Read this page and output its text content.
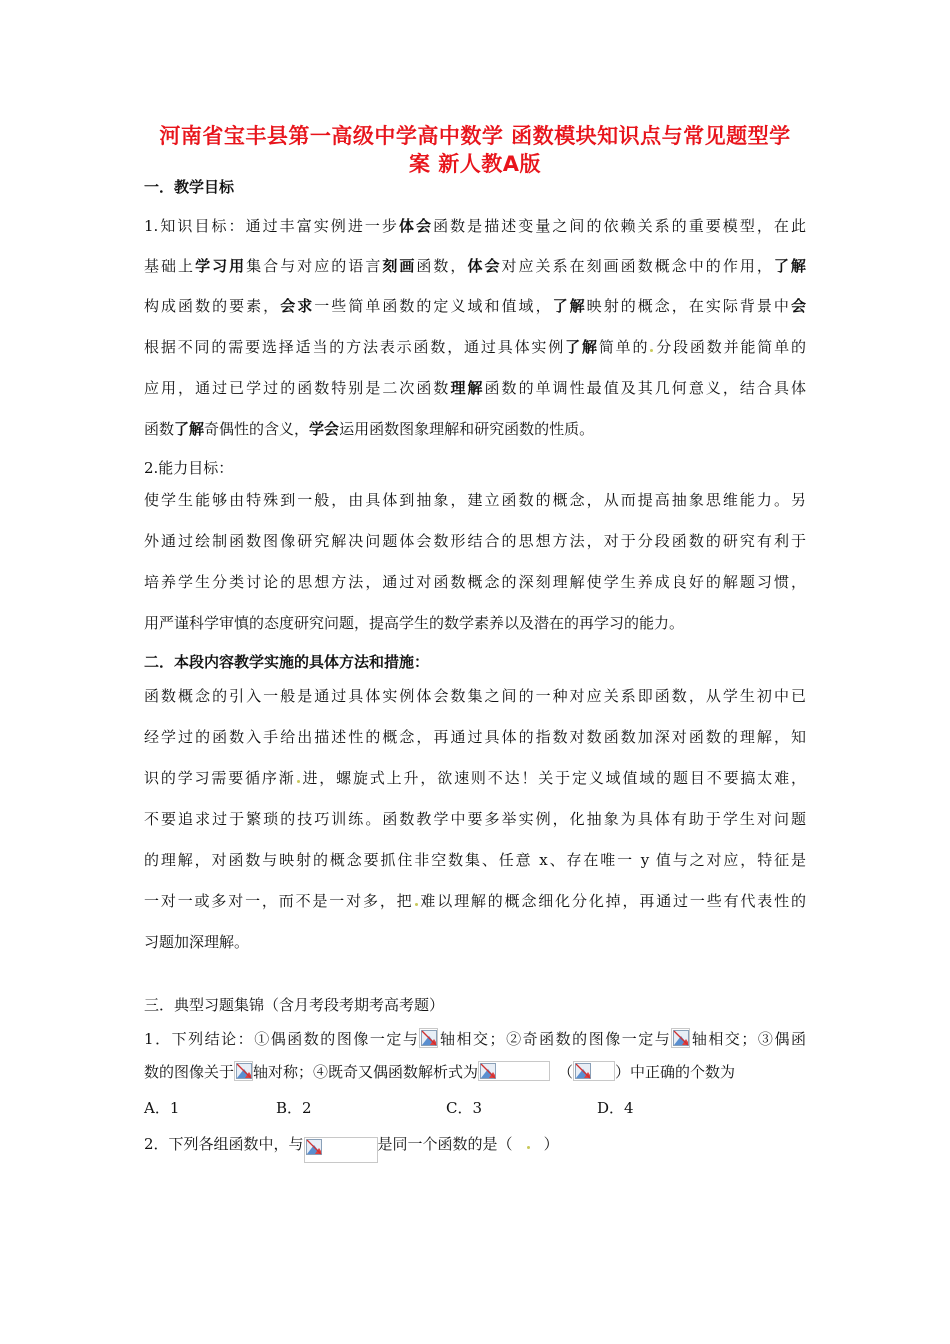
河南省宝丰县第一高级中学高中数学 函数模块知识点与常见题型学
案 新人教A版
一．教学目标
1.知识目标：通过丰富实例进一步体会函数是描述变量之间的依赖关系的重要模型，在此
基础上学习用集合与对应的语言刻画函数，体会对应关系在刻画函数概念中的作用，了解
构成函数的要素，会求一些简单函数的定义域和值域，了解映射的概念，在实际背景中会
根据不同的需要选择适当的方法表示函数，通过具体实例了解简单的 分段函数并能简单的
应用，通过已学过的函数特别是二次函数理解函数的单调性最值及其几何意义，结合具体
函数了解奇偶性的含义，学会运用函数图象理解和研究函数的性质。
2.能力目标：
使学生能够由特殊到一般，由具体到抽象，建立函数的概念，从而提高抽象思维能力。另
外通过绘制函数图像研究解决问题体会数形结合的思想方法，对于分段函数的研究有利于
培养学生分类讨论的思想方法，通过对函数概念的深刻理解使学生养成良好的解题习惯，
用严谨科学审慎的态度研究问题，提高学生的数学素养以及潜在的再学习的能力。
二．本段内容教学实施的具体方法和措施：
函数概念的引入一般是通过具体实例体会数集之间的一种对应关系即函数，从学生初中已
经学过的函数入手给出描述性的概念，再通过具体的指数对数函数加深对函数的理解，知
识的学习需要循序渐 进，螺旋式上升，欲速则不达！关于定义域值域的题目不要搞太难，
不要追求过于繁琐的技巧训练。函数教学中要多举实例，化抽象为具体有助于学生对问题
的理解，对函数与映射的概念要抓住非空数集、任意 x、存在唯一 y 值与之对应，特征是
一对一或多对一，而不是一对多，把 难以理解的概念细化分化掉，再通过一些有代表性的
习题加深理解。
三．典型习题集锦（含月考段考期考高考题）
1．下列结论：①偶函数的图像一定与 轴相交；②奇函数的图像一定与 轴相交；③偶函
数的图像关于 轴对称；④既奇又偶函数解析式为	（	）中正确的个数为
A．1	B．2	C．3	D．4
2．下列各组函数中，与	是同一个函数的是（ ）
